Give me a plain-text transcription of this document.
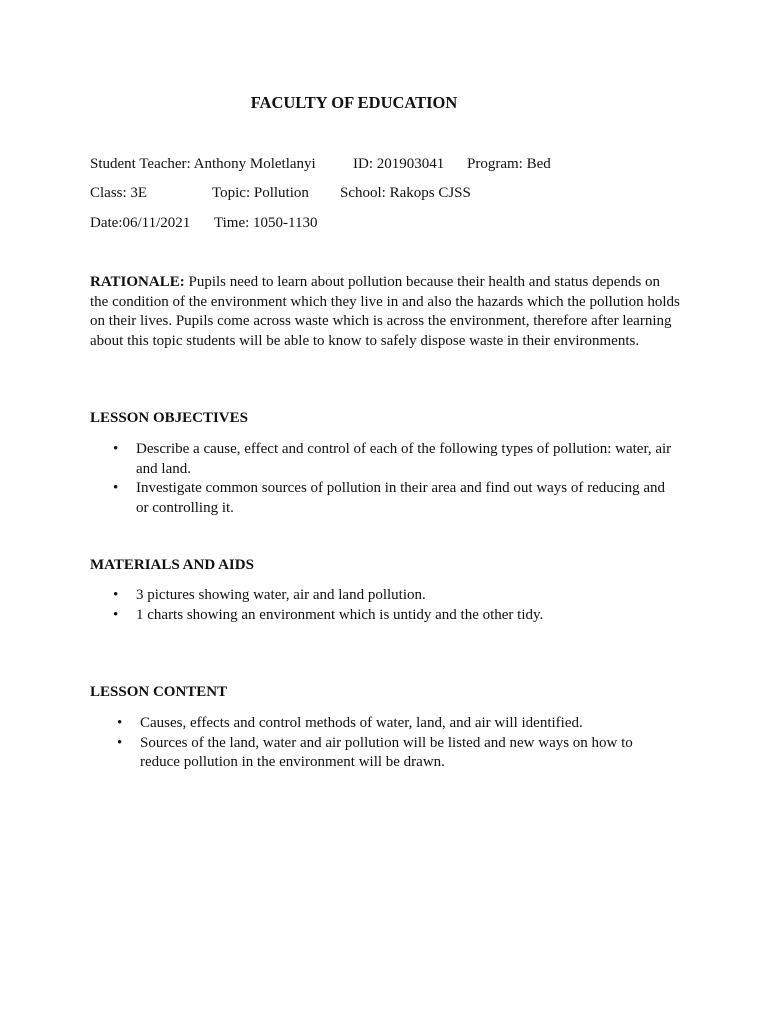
FACULTY OF EDUCATION
Student Teacher: Anthony Moletlanyi ID: 201903041 Program: Bed
Class: 3E	Topic: Pollution School: Rakops CJSS
Date:06/11/2021 Time: 1050-1130

RATIONALE: Pupils need to learn about pollution because their health and status depends on the condition of the environment which they live in and also the hazards which the pollution holds on their lives. Pupils come across waste which is across the environment, therefore after learning about this topic students will be able to know to safely dispose waste in their environments.

LESSON OBJECTIVES
• Describe a cause, effect and control of each of the following types of pollution: water, air and land.
• Investigate common sources of pollution in their area and find out ways of reducing and or controlling it.
MATERIALS AND AIDS
• 3 pictures showing water, air and land pollution.
• 1 charts showing an environment which is untidy and the other tidy.
LESSON CONTENT
• Causes, effects and control methods of water, land, and air will identified.
• Sources of the land, water and air pollution will be listed and new ways on how to reduce pollution in the environment will be drawn.
